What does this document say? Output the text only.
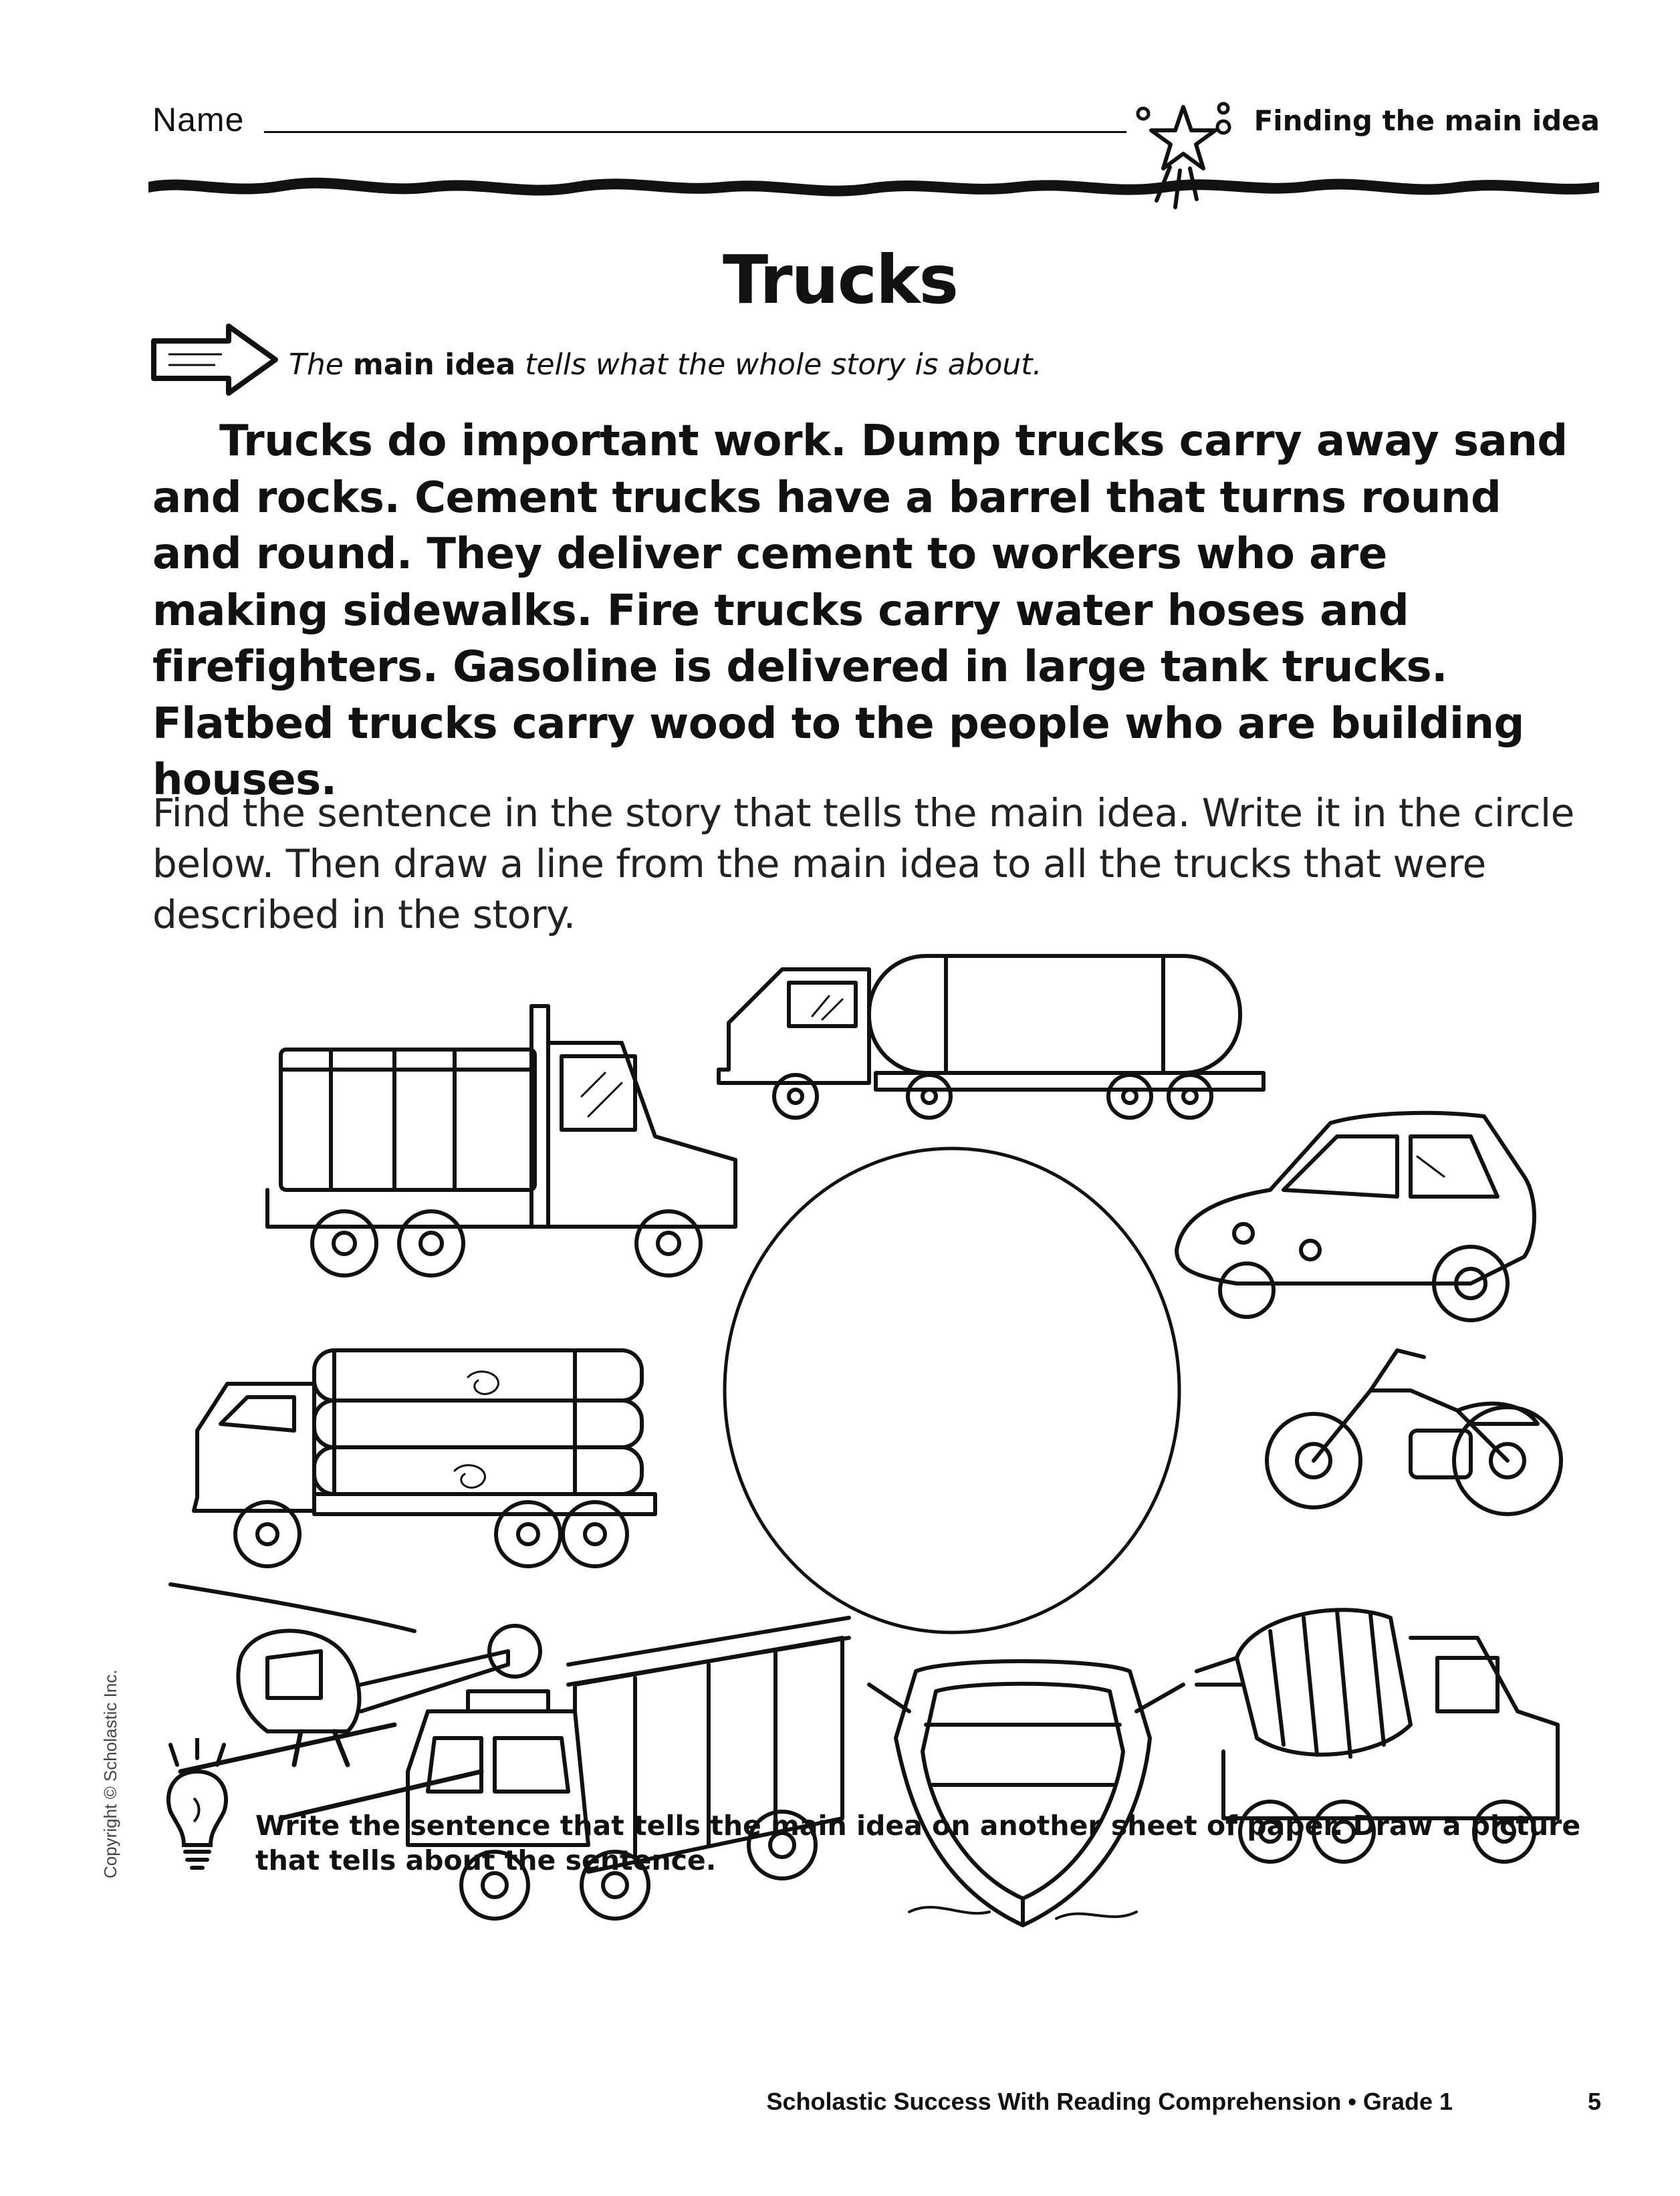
Name	Finding the main idea
Trucks
The main idea tells what the whole story is about.
Trucks do important work. Dump trucks carry away sand and rocks. Cement trucks have a barrel that turns round and round. They deliver cement to workers who are making sidewalks. Fire trucks carry water hoses and firefighters. Gasoline is delivered in large tank trucks. Flatbed trucks carry wood to the people who are building houses.
Find the sentence in the story that tells the main idea. Write it in the circle below. Then draw a line from the main idea to all the trucks that were described in the story.
Copyright © Scholastic Inc.	Write the sentence that tells the main idea on another sheet of paper. Draw a picture that tells about the sentence.
Scholastic Success With Reading Comprehension • Grade 1	5
